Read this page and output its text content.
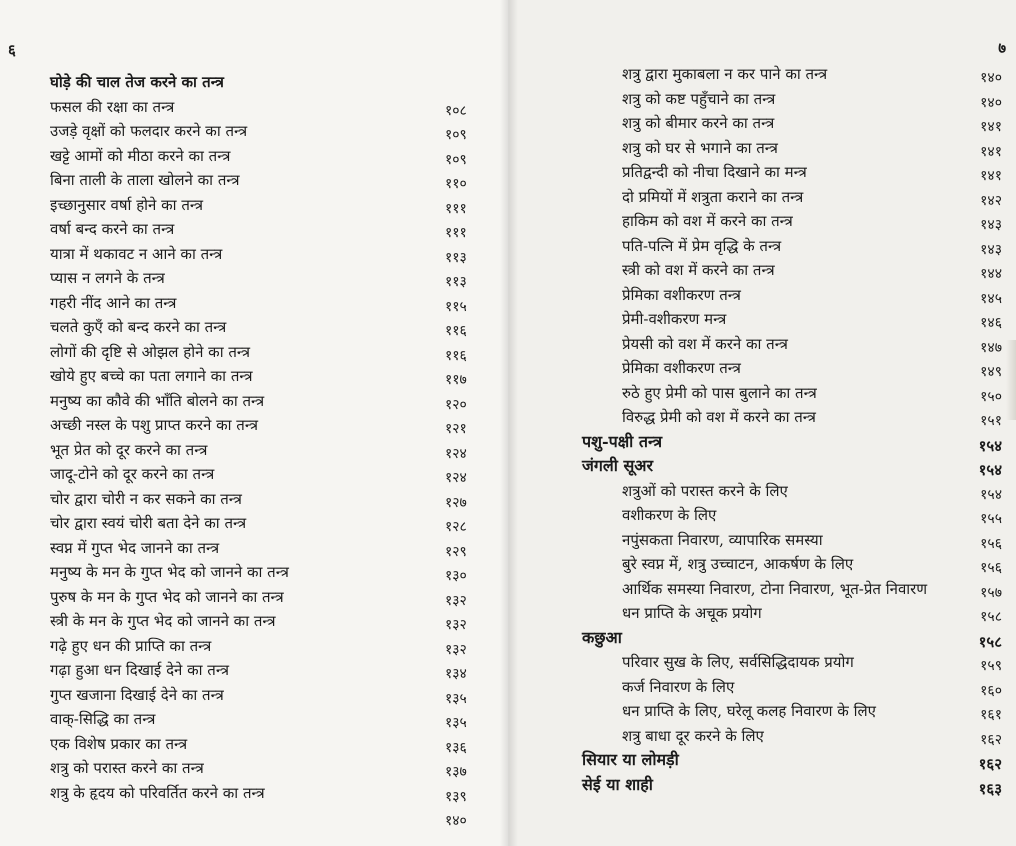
६	७
घोड़े की चाल तेज करने का तन्त्र
फसल की रक्षा का तन्त्र	१०८
उजड़े वृक्षों को फलदार करने का तन्त्र	१०९
खट्टे आमों को मीठा करने का तन्त्र	१०९
बिना ताली के ताला खोलने का तन्त्र	११०
इच्छानुसार वर्षा होने का तन्त्र	१११
वर्षा बन्द करने का तन्त्र	१११
यात्रा में थकावट न आने का तन्त्र	११३
प्यास न लगने के तन्त्र	११३
गहरी नींद आने का तन्त्र	११५
चलते कुएँ को बन्द करने का तन्त्र	११६
लोगों की दृष्टि से ओझल होने का तन्त्र	११६
खोये हुए बच्चे का पता लगाने का तन्त्र	११७
मनुष्य का कौवे की भाँति बोलने का तन्त्र	१२०
अच्छी नस्ल के पशु प्राप्त करने का तन्त्र	१२१
भूत प्रेत को दूर करने का तन्त्र	१२४
जादू-टोने को दूर करने का तन्त्र	१२४
चोर द्वारा चोरी न कर सकने का तन्त्र	१२७
चोर द्वारा स्वयं चोरी बता देने का तन्त्र	१२८
स्वप्न में गुप्त भेद जानने का तन्त्र	१२९
मनुष्य के मन के गुप्त भेद को जानने का तन्त्र	१३०
पुरुष के मन के गुप्त भेद को जानने का तन्त्र	१३२
स्त्री के मन के गुप्त भेद को जानने का तन्त्र	१३२
गढ़े हुए धन की प्राप्ति का तन्त्र	१३२
गढ़ा हुआ धन दिखाई देने का तन्त्र	१३४
गुप्त खजाना दिखाई देने का तन्त्र	१३५
वाक्-सिद्धि का तन्त्र	१३५
एक विशेष प्रकार का तन्त्र	१३६
शत्रु को परास्त करने का तन्त्र	१३७
शत्रु के हृदय को परिवर्तित करने का तन्त्र	१३९
१४०
शत्रु द्वारा मुकाबला न कर पाने का तन्त्र	१४०
शत्रु को कष्ट पहुँचाने का तन्त्र	१४०
शत्रु को बीमार करने का तन्त्र	१४१
शत्रु को घर से भगाने का तन्त्र	१४१
प्रतिद्वन्दी को नीचा दिखाने का मन्त्र	१४१
दो प्रमियों में शत्रुता कराने का तन्त्र	१४२
हाकिम को वश में करने का तन्त्र	१४३
पति-पत्नि में प्रेम वृद्धि के तन्त्र	१४३
स्त्री को वश में करने का तन्त्र	१४४
प्रेमिका वशीकरण तन्त्र	१४५
प्रेमी-वशीकरण मन्त्र	१४६
प्रेयसी को वश में करने का तन्त्र	१४७
प्रेमिका वशीकरण तन्त्र	१४९
रुठे हुए प्रेमी को पास बुलाने का तन्त्र	१५०
विरुद्ध प्रेमी को वश में करने का तन्त्र	१५१
पशु-पक्षी तन्त्र	१५४
जंगली सूअर	१५४
शत्रुओं को परास्त करने के लिए	१५४
वशीकरण के लिए	१५५
नपुंसकता निवारण, व्यापारिक समस्या	१५६
बुरे स्वप्न में, शत्रु उच्चाटन, आकर्षण के लिए	१५६
आर्थिक समस्या निवारण, टोना निवारण, भूत-प्रेत निवारण	१५७
धन प्राप्ति के अचूक प्रयोग	१५८
कछुआ	१५८
परिवार सुख के लिए, सर्वसिद्धिदायक प्रयोग	१५९
कर्ज निवारण के लिए	१६०
धन प्राप्ति के लिए, घरेलू कलह निवारण के लिए	१६१
शत्रु बाधा दूर करने के लिए	१६२
सियार या लोमड़ी	१६२
सेई या शाही	१६३
